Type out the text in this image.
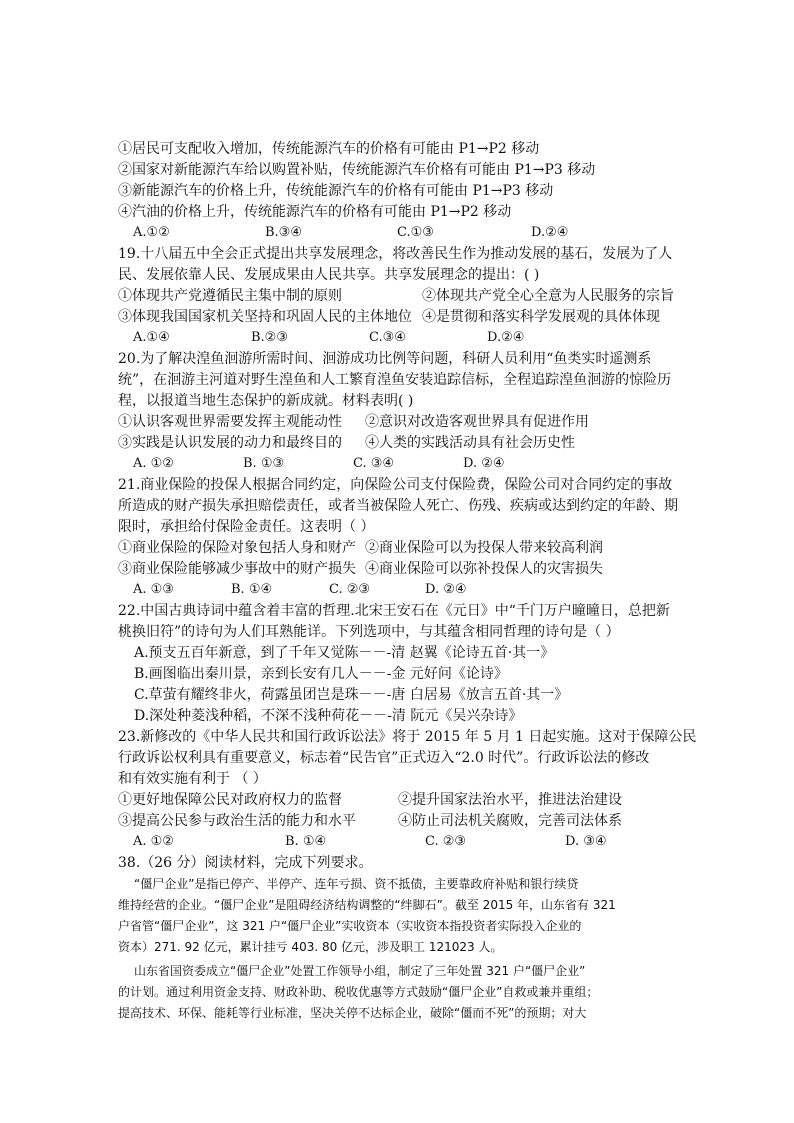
①居民可支配收入增加，传统能源汽车的价格有可能由 P1→P2 移动
②国家对新能源汽车给以购置补贴，传统能源汽车价格有可能由 P1→P3 移动
③新能源汽车的价格上升，传统能源汽车的价格有可能由 P1→P3 移动
④汽油的价格上升，传统能源汽车的价格有可能由 P1→P2 移动
A.①②	B.③④	C.①③	D.②④
19.十八届五中全会正式提出共享发展理念，将改善民生作为推动发展的基石，发展为了人
民、发展依靠人民、发展成果由人民共享。共享发展理念的提出：( )
①体现共产党遵循民主集中制的原则	②体现共产党全心全意为人民服务的宗旨
③体现我国国家机关坚持和巩固人民的主体地位 ④是贯彻和落实科学发展观的具体体现
A.①④	B.②③	C.③④	D.②④
20.为了解决湟鱼洄游所需时间、洄游成功比例等问题，科研人员利用“鱼类实时遥测系
统”，在洄游主河道对野生湟鱼和人工繁育湟鱼安装追踪信标，全程追踪湟鱼洄游的惊险历
程，以报道当地生态保护的新成就。材料表明( )
①认识客观世界需要发挥主观能动性 ②意识对改造客观世界具有促进作用
③实践是认识发展的动力和最终目的 ④人类的实践活动具有社会历史性
A. ①②	B. ①③	C. ③④	D. ②④
21.商业保险的投保人根据合同约定，向保险公司支付保险费，保险公司对合同约定的事故
所造成的财产损失承担赔偿责任，或者当被保险人死亡、伤残、疾病或达到约定的年龄、期
限时，承担给付保险金责任。这表明（ ）
①商业保险的保险对象包括人身和财产 ②商业保险可以为投保人带来较高利润
③商业保险能够减少事故中的财产损失 ④商业保险可以弥补投保人的灾害损失
A. ①③	B. ①④	C. ②③	D. ②④
22.中国古典诗词中蕴含着丰富的哲理.北宋王安石在《元日》中“千门万户曈曈日，总把新
桃换旧符”的诗句为人们耳熟能详。下列选项中，与其蕴含相同哲理的诗句是（ ）
A.预支五百年新意，到了千年又觉陈－－-清 赵翼《论诗五首·其一》
B.画图临出秦川景，亲到长安有几人－－-金 元好问《论诗》
C.草萤有耀终非火，荷露虽团岂是珠－－-唐 白居易《放言五首·其一》
D.深处种菱浅种稻，不深不浅种荷花－－-清 阮元《吴兴杂诗》
23.新修改的《中华人民共和国行政诉讼法》将于 2015 年 5 月 1 日起实施。这对于保障公民
行政诉讼权利具有重要意义，标志着“民告官”正式迈入“2.0 时代”。行政诉讼法的修改
和有效实施有利于 （ ）
①更好地保障公民对政府权力的监督	②提升国家法治水平，推进法治建设
③提高公民参与政治生活的能力和水平	④防止司法机关腐败，完善司法体系
A. ①②	B. ①④	C. ②③	D. ③④
38.（26 分）阅读材料，完成下列要求。
“僵尸企业”是指已停产、半停产、连年亏损、资不抵债，主要靠政府补贴和银行续贷
维持经营的企业。“僵尸企业”是阻碍经济结构调整的“绊脚石”。截至 2015 年，山东省有 321
户省管“僵尸企业”，这 321 户“僵尸企业”实收资本（实收资本指投资者实际投入企业的
资本）271. 92 亿元，累计挂亏 403. 80 亿元，涉及职工 121023 人。
山东省国资委成立“僵尸企业”处置工作领导小组，制定了三年处置 321 户“僵尸企业”
的计划。通过利用资金支持、财政补助、税收优惠等方式鼓励“僵尸企业”自救或兼并重组；
提高技术、环保、能耗等行业标准，坚决关停不达标企业，破除“僵而不死”的预期；对大
